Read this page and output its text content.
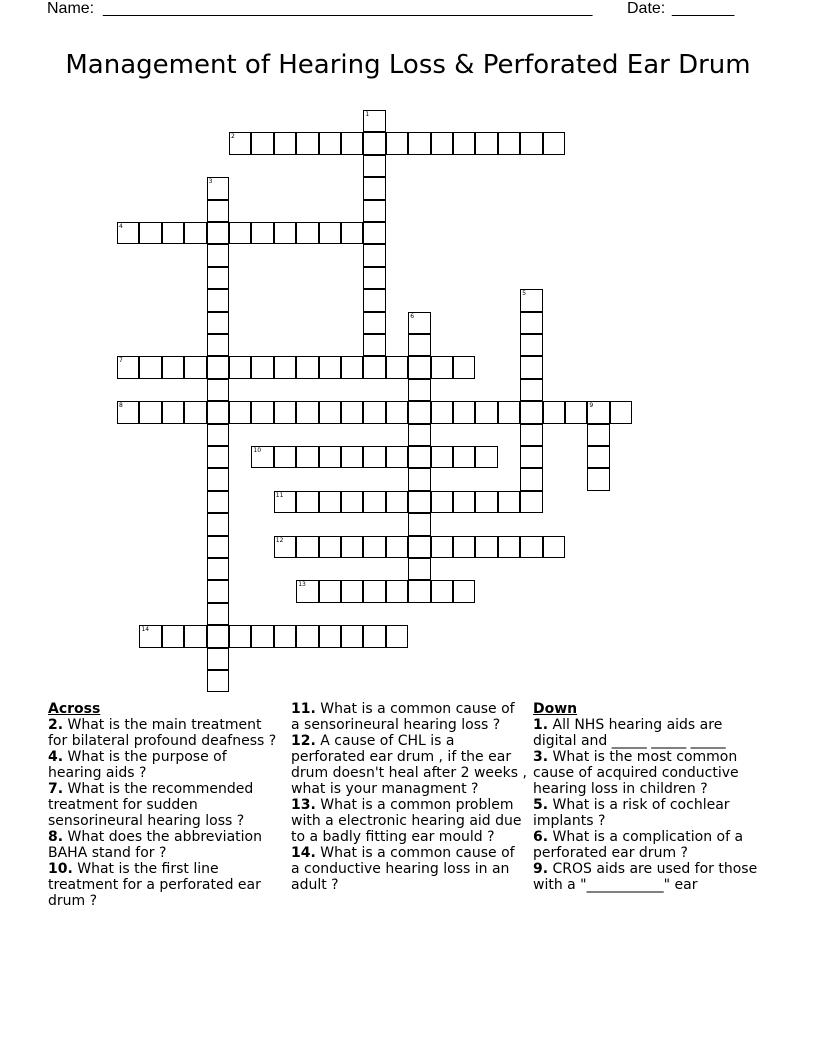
Name: _______________________________________________________ Date: _______
Management of Hearing Loss & Perforated Ear Drum
1
2
3
4
5
6
7
8	9
10
11
12
13
14
Across
2. What is the main treatment for bilateral profound deafness ?
4. What is the purpose of hearing aids ?
7. What is the recommended treatment for sudden sensorineural hearing loss ?
8. What does the abbreviation BAHA stand for ?
10. What is the first line treatment for a perforated ear drum ?
11. What is a common cause of a sensorineural hearing loss ?
12. A cause of CHL is a perforated ear drum , if the ear drum doesn't heal after 2 weeks , what is your managment ?
13. What is a common problem with a electronic hearing aid due to a badly fitting ear mould ?
14. What is a common cause of a conductive hearing loss in an adult ?
Down
1. All NHS hearing aids are digital and _____ _____ _____
3. What is the most common cause of acquired conductive hearing loss in children ?
5. What is a risk of cochlear implants ?
6. What is a complication of a perforated ear drum ?
9. CROS aids are used for those with a "___________" ear
